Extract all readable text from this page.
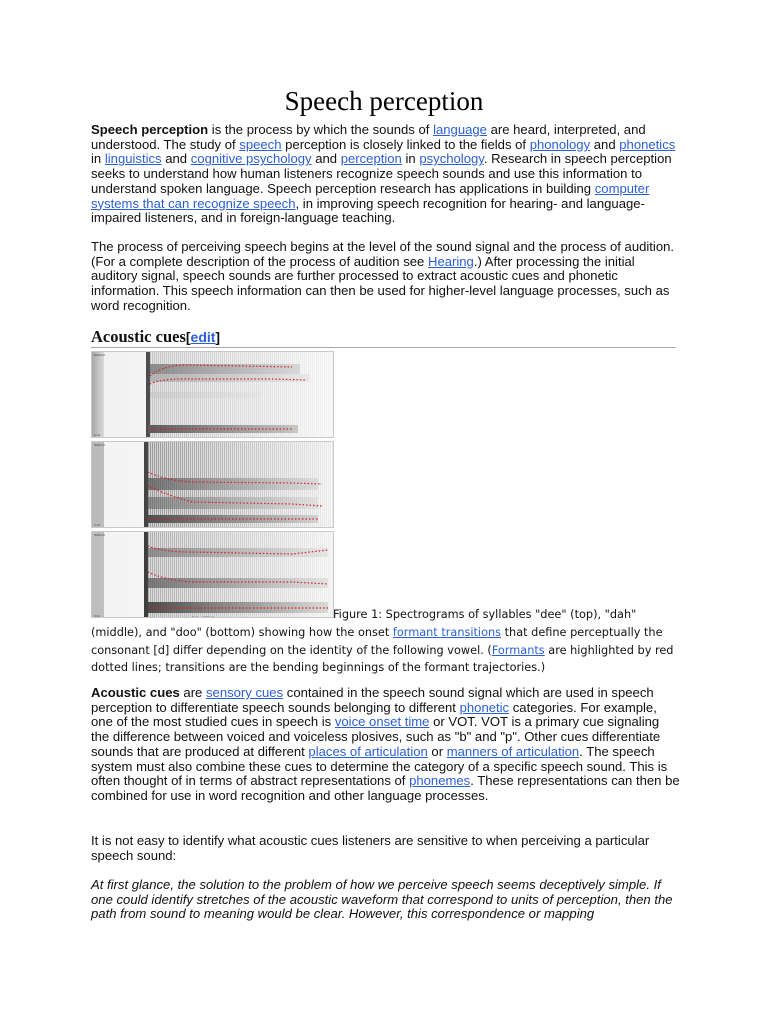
Speech perception

Speech perception is the process by which the sounds of language are heard, interpreted, and understood. The study of speech perception is closely linked to the fields of phonology and phonetics in linguistics and cognitive psychology and perception in psychology. Research in speech perception seeks to understand how human listeners recognize speech sounds and use this information to understand spoken language. Speech perception research has applications in building computer systems that can recognize speech, in improving speech recognition for hearing- and language-impaired listeners, and in foreign-language teaching.

The process of perceiving speech begins at the level of the sound signal and the process of audition. (For a complete description of the process of audition see Hearing.) After processing the initial auditory signal, speech sounds are further processed to extract acoustic cues and phonetic information. This speech information can then be used for higher-level language processes, such as word recognition.

Acoustic cues[edit]
5000 Hz
0 Hz
5000 Hz
0 Hz
5000 Hz
0 Hz	Total: ~ 1000 ms	Figure 1: Spectrograms of syllables "dee" (top), "dah" (middle), and "doo" (bottom) showing how the onset formant transitions that define perceptually the consonant [d] differ depending on the identity of the following vowel. (Formants are highlighted by red dotted lines; transitions are the bending beginnings of the formant trajectories.)

Acoustic cues are sensory cues contained in the speech sound signal which are used in speech perception to differentiate speech sounds belonging to different phonetic categories. For example, one of the most studied cues in speech is voice onset time or VOT. VOT is a primary cue signaling the difference between voiced and voiceless plosives, such as "b" and "p". Other cues differentiate sounds that are produced at different places of articulation or manners of articulation. The speech system must also combine these cues to determine the category of a specific speech sound. This is often thought of in terms of abstract representations of phonemes. These representations can then be combined for use in word recognition and other language processes.

It is not easy to identify what acoustic cues listeners are sensitive to when perceiving a particular speech sound:

At first glance, the solution to the problem of how we perceive speech seems deceptively simple. If one could identify stretches of the acoustic waveform that correspond to units of perception, then the path from sound to meaning would be clear. However, this correspondence or mapping
